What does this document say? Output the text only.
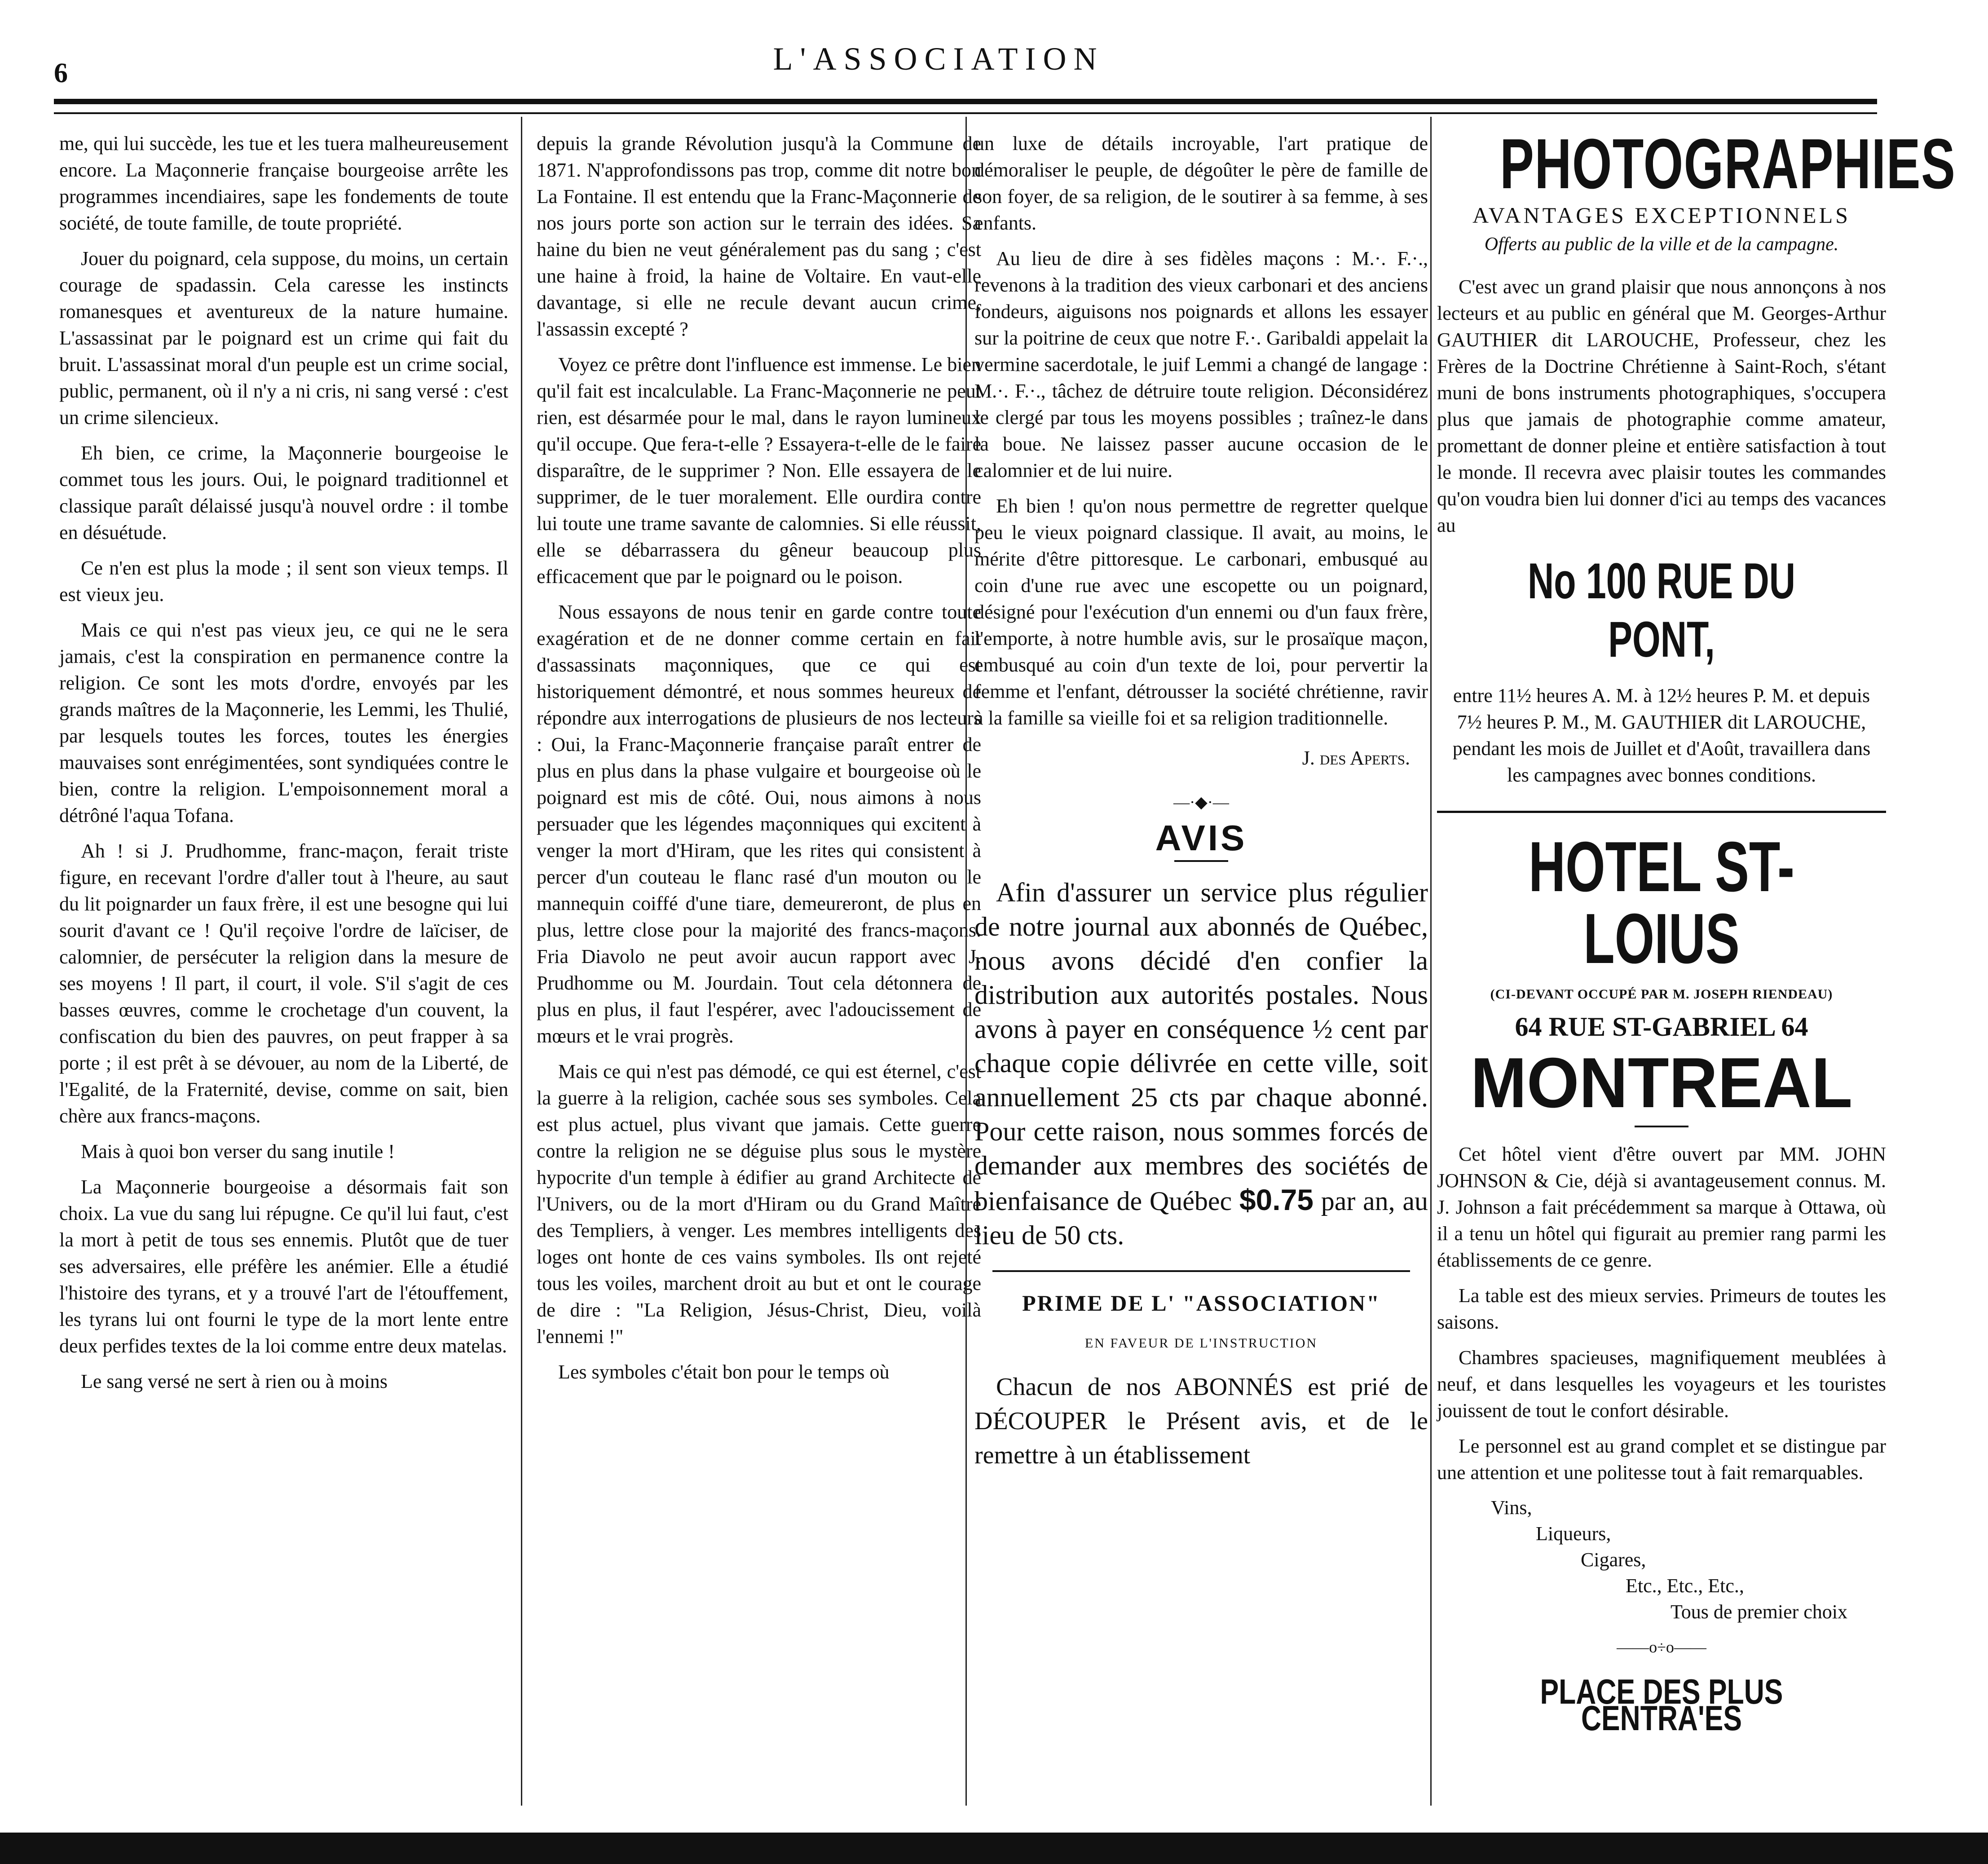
6	L'ASSOCIATION

me, qui lui succède, les tue et les tuera malheureusement encore. La Maçonnerie française bourgeoise arrête les programmes incendiaires, sape les fondements de toute société, de toute famille, de toute propriété.

Jouer du poignard, cela suppose, du moins, un certain courage de spadassin. Cela caresse les instincts romanesques et aventureux de la nature humaine. L'assassinat par le poignard est un crime qui fait du bruit. L'assassinat moral d'un peuple est un crime social, public, permanent, où il n'y a ni cris, ni sang versé : c'est un crime silencieux.

Eh bien, ce crime, la Maçonnerie bourgeoise le commet tous les jours. Oui, le poignard traditionnel et classique paraît délaissé jusqu'à nouvel ordre : il tombe en désuétude.

Ce n'en est plus la mode ; il sent son vieux temps. Il est vieux jeu.

Mais ce qui n'est pas vieux jeu, ce qui ne le sera jamais, c'est la conspiration en permanence contre la religion. Ce sont les mots d'ordre, envoyés par les grands maîtres de la Maçonnerie, les Lemmi, les Thulié, par lesquels toutes les forces, toutes les énergies mauvaises sont enrégimentées, sont syndiquées contre le bien, contre la religion. L'empoisonnement moral a détrôné l'aqua Tofana.

Ah ! si J. Prudhomme, franc-maçon, ferait triste figure, en recevant l'ordre d'aller tout à l'heure, au saut du lit poignarder un faux frère, il est une besogne qui lui sourit d'avant ce ! Qu'il reçoive l'ordre de laïciser, de calomnier, de persécuter la religion dans la mesure de ses moyens ! Il part, il court, il vole. S'il s'agit de ces basses œuvres, comme le crochetage d'un couvent, la confiscation du bien des pauvres, on peut frapper à sa porte ; il est prêt à se dévouer, au nom de la Liberté, de l'Egalité, de la Fraternité, devise, comme on sait, bien chère aux francs-maçons.

Mais à quoi bon verser du sang inutile !

La Maçonnerie bourgeoise a désormais fait son choix. La vue du sang lui répugne. Ce qu'il lui faut, c'est la mort à petit de tous ses ennemis. Plutôt que de tuer ses adversaires, elle préfère les anémier. Elle a étudié l'histoire des tyrans, et y a trouvé l'art de l'étouffement, les tyrans lui ont fourni le type de la mort lente entre deux perfides textes de la loi comme entre deux matelas.

Le sang versé ne sert à rien ou à moins

depuis la grande Révolution jusqu'à la Commune de 1871. N'approfondissons pas trop, comme dit notre bon La Fontaine. Il est entendu que la Franc-Maçonnerie de nos jours porte son action sur le terrain des idées. Sa haine du bien ne veut généralement pas du sang ; c'est une haine à froid, la haine de Voltaire. En vaut-elle davantage, si elle ne recule devant aucun crime, l'assassin excepté ?

Voyez ce prêtre dont l'influence est immense. Le bien qu'il fait est incalculable. La Franc-Maçonnerie ne peut rien, est désarmée pour le mal, dans le rayon lumineux qu'il occupe. Que fera-t-elle ? Essayera-t-elle de le faire disparaître, de le supprimer ? Non. Elle essayera de le supprimer, de le tuer moralement. Elle ourdira contre lui toute une trame savante de calomnies. Si elle réussit, elle se débarrassera du gêneur beaucoup plus efficacement que par le poignard ou le poison.

Nous essayons de nous tenir en garde contre toute exagération et de ne donner comme certain en fait d'assassinats maçonniques, que ce qui est historiquement démontré, et nous sommes heureux de répondre aux interrogations de plusieurs de nos lecteurs : Oui, la Franc-Maçonnerie française paraît entrer de plus en plus dans la phase vulgaire et bourgeoise où le poignard est mis de côté. Oui, nous aimons à nous persuader que les légendes maçonniques qui excitent à venger la mort d'Hiram, que les rites qui consistent à percer d'un couteau le flanc rasé d'un mouton ou le mannequin coiffé d'une tiare, demeureront, de plus en plus, lettre close pour la majorité des francs-maçons. Fria Diavolo ne peut avoir aucun rapport avec J. Prudhomme ou M. Jourdain. Tout cela détonnera de plus en plus, il faut l'espérer, avec l'adoucissement de mœurs et le vrai progrès.

Mais ce qui n'est pas démodé, ce qui est éternel, c'est la guerre à la religion, cachée sous ses symboles. Cela est plus actuel, plus vivant que jamais. Cette guerre contre la religion ne se déguise plus sous le mystère hypocrite d'un temple à édifier au grand Architecte de l'Univers, ou de la mort d'Hiram ou du Grand Maître des Templiers, à venger. Les membres intelligents des loges ont honte de ces vains symboles. Ils ont rejeté tous les voiles, marchent droit au but et ont le courage de dire : "La Religion, Jésus-Christ, Dieu, voilà l'ennemi !"

Les symboles c'était bon pour le temps où

un luxe de détails incroyable, l'art pratique de démoraliser le peuple, de dégoûter le père de famille de son foyer, de sa religion, de le soutirer à sa femme, à ses enfants.

Au lieu de dire à ses fidèles maçons : M.·. F.·., revenons à la tradition des vieux carbonari et des anciens fondeurs, aiguisons nos poignards et allons les essayer sur la poitrine de ceux que notre F.·. Garibaldi appelait la vermine sacerdotale, le juif Lemmi a changé de langage : M.·. F.·., tâchez de détruire toute religion. Déconsidérez le clergé par tous les moyens possibles ; traînez-le dans la boue. Ne laissez passer aucune occasion de le calomnier et de lui nuire.

Eh bien ! qu'on nous permettre de regretter quelque peu le vieux poignard classique. Il avait, au moins, le mérite d'être pittoresque. Le carbonari, embusqué au coin d'une rue avec une escopette ou un poignard, désigné pour l'exécution d'un ennemi ou d'un faux frère, l'emporte, à notre humble avis, sur le prosaïque maçon, embusqué au coin d'un texte de loi, pour pervertir la femme et l'enfant, détrousser la société chrétienne, ravir à la famille sa vieille foi et sa religion traditionnelle.

J. des Aperts.
—·◆·—
AVIS

Afin d'assurer un service plus régulier de notre journal aux abonnés de Québec, nous avons décidé d'en confier la distribution aux autorités postales. Nous avons à payer en conséquence ½ cent par chaque copie délivrée en cette ville, soit annuellement 25 cts par chaque abonné. Pour cette raison, nous sommes forcés de demander aux membres des sociétés de bienfaisance de Québec $0.75 par an, au lieu de 50 cts.

PRIME DE L' "ASSOCIATION"
EN FAVEUR DE L'INSTRUCTION

Chacun de nos ABONNÉS est prié de DÉCOUPER le Présent avis, et de le remettre à un établissement

PHOTOGRAPHIES
AVANTAGES EXCEPTIONNELS
Offerts au public de la ville et de la campagne.

C'est avec un grand plaisir que nous annonçons à nos lecteurs et au public en général que M. Georges-Arthur GAUTHIER dit LAROUCHE, Professeur, chez les Frères de la Doctrine Chrétienne à Saint-Roch, s'étant muni de bons instruments photographiques, s'occupera plus que jamais de photographie comme amateur, promettant de donner pleine et entière satisfaction à tout le monde. Il recevra avec plaisir toutes les commandes qu'on voudra bien lui donner d'ici au temps des vacances au

No 100 RUE DU PONT,
entre 11½ heures A. M. à 12½ heures P. M. et depuis 7½ heures P. M., M. GAUTHIER dit LAROUCHE, pendant les mois de Juillet et d'Août, travaillera dans les campagnes avec bonnes conditions.
HOTEL ST-LOIUS
(CI-DEVANT OCCUPÉ PAR M. JOSEPH RIENDEAU)
64 RUE ST-GABRIEL 64
MONTREAL

Cet hôtel vient d'être ouvert par MM. JOHN JOHNSON & Cie, déjà si avantageusement connus. M. J. Johnson a fait précédemment sa marque à Ottawa, où il a tenu un hôtel qui figurait au premier rang parmi les établissements de ce genre.

La table est des mieux servies. Primeurs de toutes les saisons.

Chambres spacieuses, magnifiquement meublées à neuf, et dans lesquelles les voyageurs et les touristes jouissent de tout le confort désirable.

Le personnel est au grand complet et se distingue par une attention et une politesse tout à fait remarquables.

Vins,
Liqueurs,
Cigares,
Etc., Etc., Etc.,
Tous de premier choix
——o÷o——
PLACE DES PLUS CENTRA'ES
